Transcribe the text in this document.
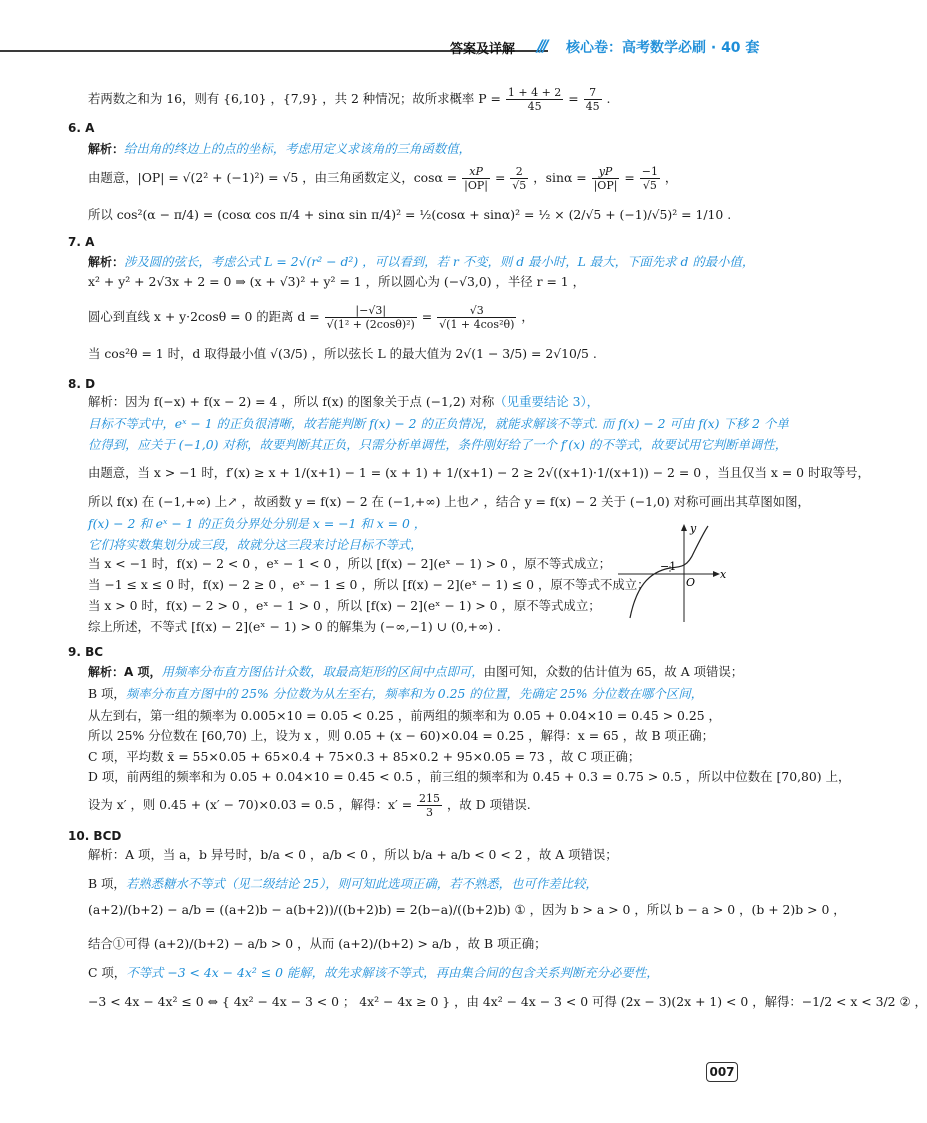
答案及详解 /// 核心卷：高考数学必刷 · 40 套
若两数之和为 16，则有 {6,10} ，{7,9} ，共 2 种情况；故所求概率 $P = \frac{1 + 4 + 2}{45} = \frac{7}{45}$ .
6. A
解析：给出角的终边上的点的坐标，考虑用定义求该角的三角函数值，
由题意，|OP| = √(2² + (−1)²) = √5 ，由三角函数定义，$\cos\alpha = \frac{xP}{|OP|} = \frac{2}{√5}$ ，$\sin\alpha = \frac{yP}{|OP|} = \frac{-1}{√5}$ ，
所以 cos²(α − π/4) = (cosα cos π/4 + sinα sin π/4)² = ½(cosα + sinα)² = ½ × (2/√5 + (−1)/√5)² = 1/10 .
7. A
解析：涉及圆的弦长，考虑公式 L = 2√(r² − d²) ，可以看到，若 r 不变，则 d 最小时，L 最大，下面先求 d 的最小值，
x² + y² + 2√3x + 2 = 0 ⇒ (x + √3)² + y² = 1 ，所以圆心为 (−√3,0) ，半径 r = 1 ，
圆心到直线 x + y·2cosθ = 0 的距离 $d = \frac{|-√3|}{\text{√(1² + (2cosθ)²)}} = \frac{√3}{\text{√(1 + 4cos²θ)}}$ ，
当 cos²θ = 1 时，d 取得最小值 √(3/5) ，所以弦长 L 的最大值为 2√(1 − 3/5) = 2√10/5 .
8. D
解析：因为 f(−x) + f(x − 2) = 4 ，所以 f(x) 的图象关于点 (−1,2) 对称（见重要结论 3），
目标不等式中，eˣ − 1 的正负很清晰，故若能判断 f(x) − 2 的正负情况，就能求解该不等式. 而 f(x) − 2 可由 f(x) 下移 2 个单
位得到，应关于 (−1,0) 对称，故要判断其正负，只需分析单调性，条件刚好给了一个 f′(x) 的不等式，故要试用它判断单调性，
由题意，当 x > −1 时，f′(x) ≥ x + 1/(x+1) − 1 = (x + 1) + 1/(x+1) − 2 ≥ 2√((x+1)·1/(x+1)) − 2 = 0 ，当且仅当 x = 0 时取等号，
所以 f(x) 在 (−1,+∞) 上↗ ，故函数 y = f(x) − 2 在 (−1,+∞) 上也↗ ，结合 y = f(x) − 2 关于 (−1,0) 对称可画出其草图如图，
f(x) − 2 和 eˣ − 1 的正负分界处分别是 x = −1 和 x = 0 ，
它们将实数集划分成三段，故就分这三段来讨论目标不等式，
当 x < −1 时，f(x) − 2 < 0 ，eˣ − 1 < 0 ，所以 [f(x) − 2](eˣ − 1) > 0 ，原不等式成立；
当 −1 ≤ x ≤ 0 时，f(x) − 2 ≥ 0 ，eˣ − 1 ≤ 0 ，所以 [f(x) − 2](eˣ − 1) ≤ 0 ，原不等式不成立；
当 x > 0 时，f(x) − 2 > 0 ，eˣ − 1 > 0 ，所以 [f(x) − 2](eˣ − 1) > 0 ，原不等式成立；
综上所述，不等式 [f(x) − 2](eˣ − 1) > 0 的解集为 (−∞,−1) ∪ (0,+∞) .
y
x
−1
O
9. BC
解析：A 项，用频率分布直方图估计众数，取最高矩形的区间中点即可，由图可知，众数的估计值为 65，故 A 项错误；
B 项，频率分布直方图中的 25% 分位数为从左至右，频率和为 0.25 的位置，先确定 25% 分位数在哪个区间，
从左到右，第一组的频率为 0.005×10 = 0.05 < 0.25 ，前两组的频率和为 0.05 + 0.04×10 = 0.45 > 0.25 ，
所以 25% 分位数在 [60,70) 上，设为 x ，则 0.05 + (x − 60)×0.04 = 0.25 ，解得：x = 65 ，故 B 项正确；
C 项，平均数 x̄ = 55×0.05 + 65×0.4 + 75×0.3 + 85×0.2 + 95×0.05 = 73 ，故 C 项正确；
D 项，前两组的频率和为 0.05 + 0.04×10 = 0.45 < 0.5 ，前三组的频率和为 0.45 + 0.3 = 0.75 > 0.5 ，所以中位数在 [70,80) 上，
设为 x′ ，则 0.45 + (x′ − 70)×0.03 = 0.5 ，解得：$x' = \frac{215}{3}$ ，故 D 项错误.
10. BCD
解析：A 项，当 a，b 异号时，b/a < 0 ，a/b < 0 ，所以 b/a + a/b < 0 < 2 ，故 A 项错误；
B 项，若熟悉糖水不等式（见二级结论 25），则可知此选项正确，若不熟悉，也可作差比较，
(a+2)/(b+2) − a/b = ((a+2)b − a(b+2))/((b+2)b) = 2(b−a)/((b+2)b) ① ，因为 b > a > 0 ，所以 b − a > 0 ，(b + 2)b > 0 ，
结合①可得 (a+2)/(b+2) − a/b > 0 ，从而 (a+2)/(b+2) > a/b ，故 B 项正确；
C 项，不等式 −3 < 4x − 4x² ≤ 0 能解，故先求解该不等式，再由集合间的包含关系判断充分必要性，
−3 < 4x − 4x² ≤ 0 ⇔ { 4x² − 4x − 3 < 0 ； 4x² − 4x ≥ 0 } ，由 4x² − 4x − 3 < 0 可得 (2x − 3)(2x + 1) < 0 ，解得：−1/2 < x < 3/2 ② ，
007
